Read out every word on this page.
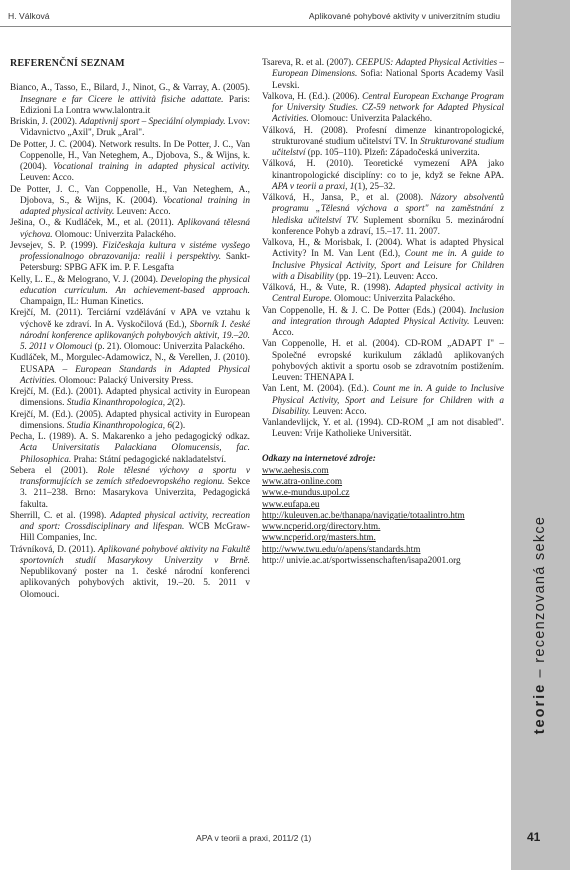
H. Válková	Aplikované pohybové aktivity v univerzitním studiu
REFERENČNÍ SEZNAM
Bianco, A., Tasso, E., Bilard, J., Ninot, G., & Varray, A. (2005). Insegnare e far Cicere le attività fisiche adattate. Paris: Edizioni La Lontra www.lalontra.it
Briskin, J. (2002). Adaptivnij sport – Speciální olympiady. Lvov: Vidavnictvo „Axil", Druk „Aral".
De Potter, J. C. (2004). Network results. In De Potter, J. C., Van Coppenolle, H., Van Neteghem, A., Djobova, S., & Wijns, k. (2004). Vocational training in adapted physical activity. Leuven: Acco.
De Potter, J. C., Van Coppenolle, H., Van Neteghem, A., Djobova, S., & Wijns, K. (2004). Vocational training in adapted physical activity. Leuven: Acco.
Ješina, O., & Kudláček, M., et al. (2011). Aplikovaná tělesná výchova. Olomouc: Univerzita Palackého.
Jevsejev, S. P. (1999). Fizičeskaja kultura v sistéme vysšego professionalnogo obrazovanija: realii i perspektivy. Sankt-Petersburg: SPBG AFK im. P. F. Lesgafta
Kelly, L. E., & Melograno, V. J. (2004). Developing the physical education curriculum. An achievement-based approach. Champaign, IL: Human Kinetics.
Krejčí, M. (2011). Terciární vzdělávání v APA ve vztahu k výchově ke zdraví. In A. Vyskočilová (Ed.), Sborník I. české národní konference aplikovaných pohybových aktivit, 19.–20. 5. 2011 v Olomouci (p. 21). Olomouc: Univerzita Palackého.
Kudláček, M., Morgulec-Adamowicz, N., & Verellen, J. (2010). EUSAPA – European Standards in Adapted Physical Activities. Olomouc: Palacký University Press.
Krejčí, M. (Ed.). (2001). Adapted physical activity in European dimensions. Studia Kinanthropologica, 2(2).
Krejčí, M. (Ed.). (2005). Adapted physical activity in European dimensions. Studia Kinanthropologica, 6(2).
Pecha, L. (1989). A. S. Makarenko a jeho pedagogický odkaz. Acta Universitatis Palackiana Olomucensis, fac. Philosophica. Praha: Státní pedagogické nakladatelství.
Sebera el (2001). Role tělesné výchovy a sportu v transformujících se zemích středoevropského regionu. Sekce 3. 211–238. Brno: Masarykova Univerzita, Pedagogická fakulta.
Sherrill, C. et al. (1998). Adapted physical activity, recreation and sport: Crossdisciplinary and lifespan. WCB McGraw-Hill Companies, Inc.
Trávníková, D. (2011). Aplikované pohybové aktivity na Fakultě sportovních studií Masarykovy Univerzity v Brně. Nepublikovaný poster na 1. české národní konferenci aplikovaných pohybových aktivit, 19.–20. 5. 2011 v Olomouci.
Tsareva, R. et al. (2007). CEEPUS: Adapted Physical Activities – European Dimensions. Sofia: National Sports Academy Vasil Levski.
Valkova, H. (Ed.). (2006). Central European Exchange Program for University Studies. CZ-59 network for Adapted Physical Activities. Olomouc: Univerzita Palackého.
Válková, H. (2008). Profesní dimenze kinantropologické, strukturované studium učitelství TV. In Strukturované studium učitelství (pp. 105–110). Plzeň: Západočeská univerzita.
Válková, H. (2010). Teoretické vymezení APA jako kinantropologické disciplíny: co to je, když se řekne APA. APA v teorii a praxi, 1(1), 25–32.
Válková, H., Jansa, P., et al. (2008). Názory absolventů programu „Tělesná výchova a sport" na zaměstnání z hlediska učitelství TV. Suplement sborníku 5. mezinárodní konference Pohyb a zdraví, 15.–17. 11. 2007.
Valkova, H., & Morisbak, I. (2004). What is adapted Physical Activity? In M. Van Lent (Ed.), Count me in. A guide to Inclusive Physical Activity, Sport and Leisure for Children with a Disability (pp. 19–21). Leuven: Acco.
Válková, H., & Vute, R. (1998). Adapted physical activity in Central Europe. Olomouc: Univerzita Palackého.
Van Coppenolle, H. & J. C. De Potter (Eds.) (2004). Inclusion and integration through Adapted Physical Activity. Leuven: Acco.
Van Coppenolle, H. et al. (2004). CD-ROM „ADAPT I" – Společné evropské kurikulum základů aplikovaných pohybových aktivit a sportu osob se zdravotním postižením. Leuven: THENAPA I.
Van Lent, M. (2004). (Ed.). Count me in. A guide to Inclusive Physical Activity, Sport and Leisure for Children with a Disability. Leuven: Acco.
Vanlandevlijck, Y. et al. (1994). CD-ROM „I am not disabled". Leuven: Vrije Katholieke Universität.
Odkazy na internetové zdroje:
www.aehesis.com
www.atra-online.com
www.e-mundus.upol.cz
www.eufapa.eu
http://kuleuven.ac.be/thanapa/navigatie/totaalintro.htm
www.ncperid.org/directory.htm.
www.ncperid.org/masters.htm.
http://www.twu.edu/o/apens/standards.htm
http:// univie.ac.at/sportwissenschaften/isapa2001.org
teorie – recenzovaná sekce
APA v teorii a praxi, 2011/2 (1)	41
